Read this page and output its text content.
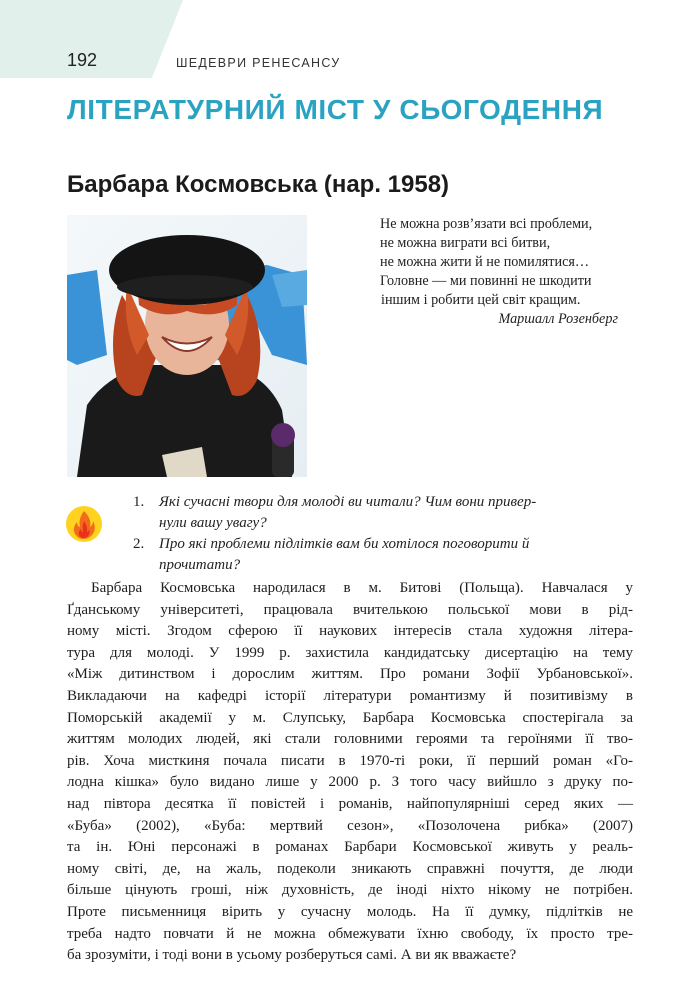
192	ШЕДЕВРИ РЕНЕСАНСУ
ЛІТЕРАТУРНИЙ МІСТ У СЬОГОДЕННЯ
Барбара Космовська (нар. 1958)
Не можна розв’язати всі проблеми,
не можна виграти всі битви,
не можна жити й не помилятися…
Головне — ми повинні не шкодити
іншим і робити цей світ кращим.
Маршалл Розенберг
1. Які сучасні твори для молоді ви читали? Чим вони привер-
нули вашу увагу?
2. Про які проблеми підлітків вам би хотілося поговорити й
прочитати?
Барбара Космовська народилася в м. Битові (Польща). Навчалася у
Ґданському університеті, працювала вчителькою польської мови в рід-
ному місті. Згодом сферою її наукових інтересів стала художня літера-
тура для молоді. У 1999 р. захистила кандидатську дисертацію на тему
«Між дитинством і дорослим життям. Про романи Зофії Урбановської».
Викладаючи на кафедрі історії літератури романтизму й позитивізму в
Поморській академії у м. Слупську, Барбара Космовська спостерігала за
життям молодих людей, які стали головними героями та героїнями її тво-
рів. Хоча мисткиня почала писати в 1970-ті роки, її перший роман «Го-
лодна кішка» було видано лише у 2000 р. З того часу вийшло з друку по-
над півтора десятка її повістей і романів, найпопулярніші серед яких —
«Буба» (2002), «Буба: мертвий сезон», «Позолочена рибка» (2007)
та ін. Юні персонажі в романах Барбари Космовської живуть у реаль-
ному світі, де, на жаль, подеколи зникають справжні почуття, де люди
більше цінують гроші, ніж духовність, де іноді ніхто нікому не потрібен.
Проте письменниця вірить у сучасну молодь. На її думку, підлітків не
треба надто повчати й не можна обмежувати їхню свободу, їх просто тре-
ба зрозуміти, і тоді вони в усьому розберуться самі. А ви як вважаєте?
